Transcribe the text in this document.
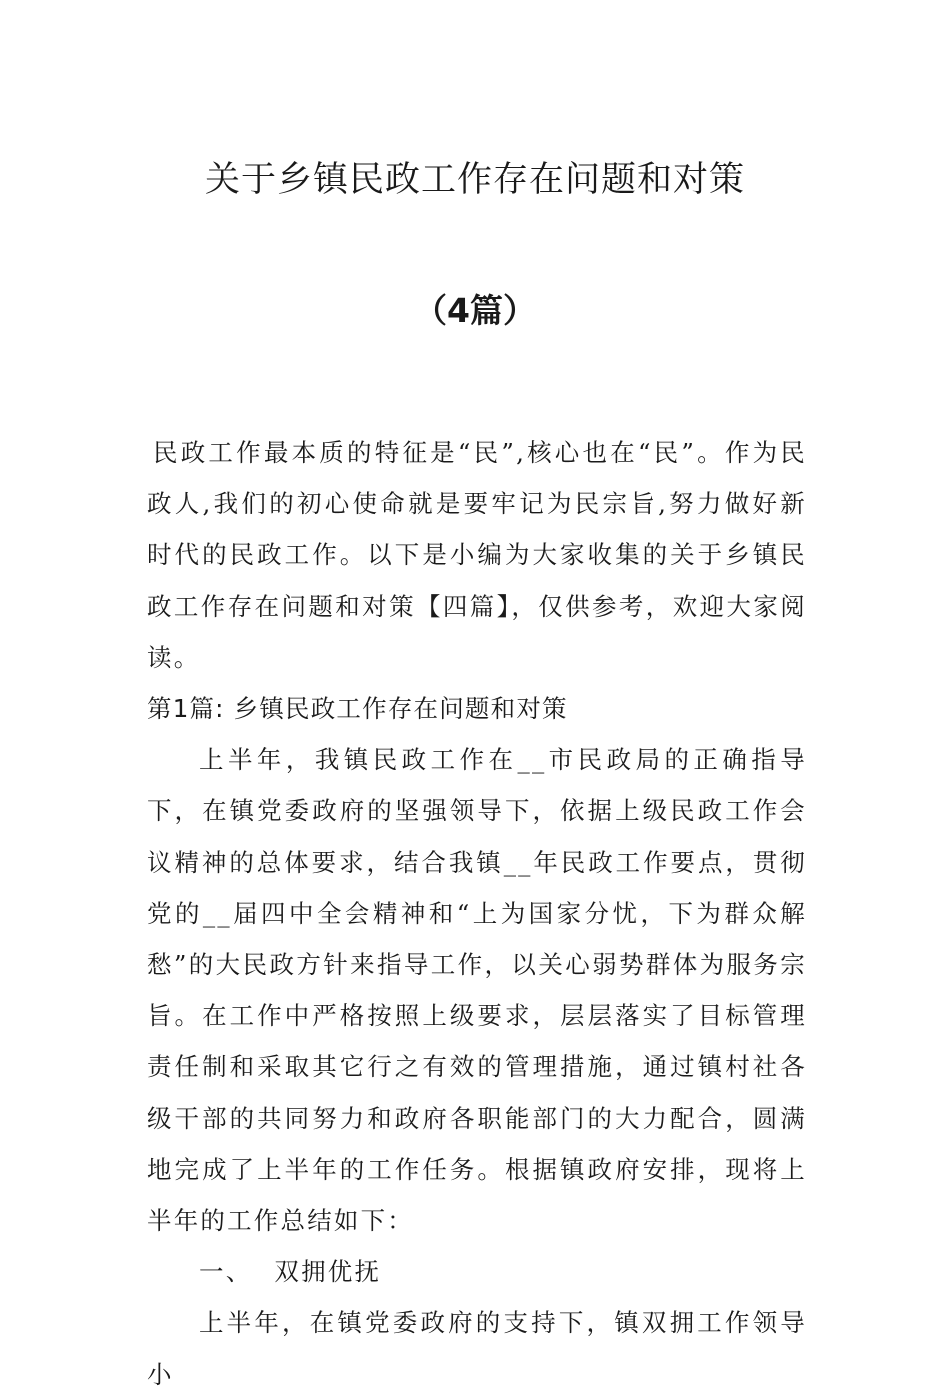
关于乡镇民政工作存在问题和对策
（4篇）

民政工作最本质的特征是“民”,核心也在“民”。作为民政人,我们的初心使命就是要牢记为民宗旨,努力做好新时代的民政工作。以下是小编为大家收集的关于乡镇民政工作存在问题和对策【四篇】，仅供参考，欢迎大家阅读。

第1篇: 乡镇民政工作存在问题和对策

上半年，我镇民政工作在__市民政局的正确指导下，在镇党委政府的坚强领导下，依据上级民政工作会议精神的总体要求，结合我镇__年民政工作要点，贯彻党的__届四中全会精神和“上为国家分忧，下为群众解愁”的大民政方针来指导工作，以关心弱势群体为服务宗旨。在工作中严格按照上级要求，层层落实了目标管理责任制和采取其它行之有效的管理措施，通过镇村社各级干部的共同努力和政府各职能部门的大力配合，圆满地完成了上半年的工作任务。根据镇政府安排，现将上半年的工作总结如下：

一、 双拥优抚

上半年，在镇党委政府的支持下，镇双拥工作领导小
